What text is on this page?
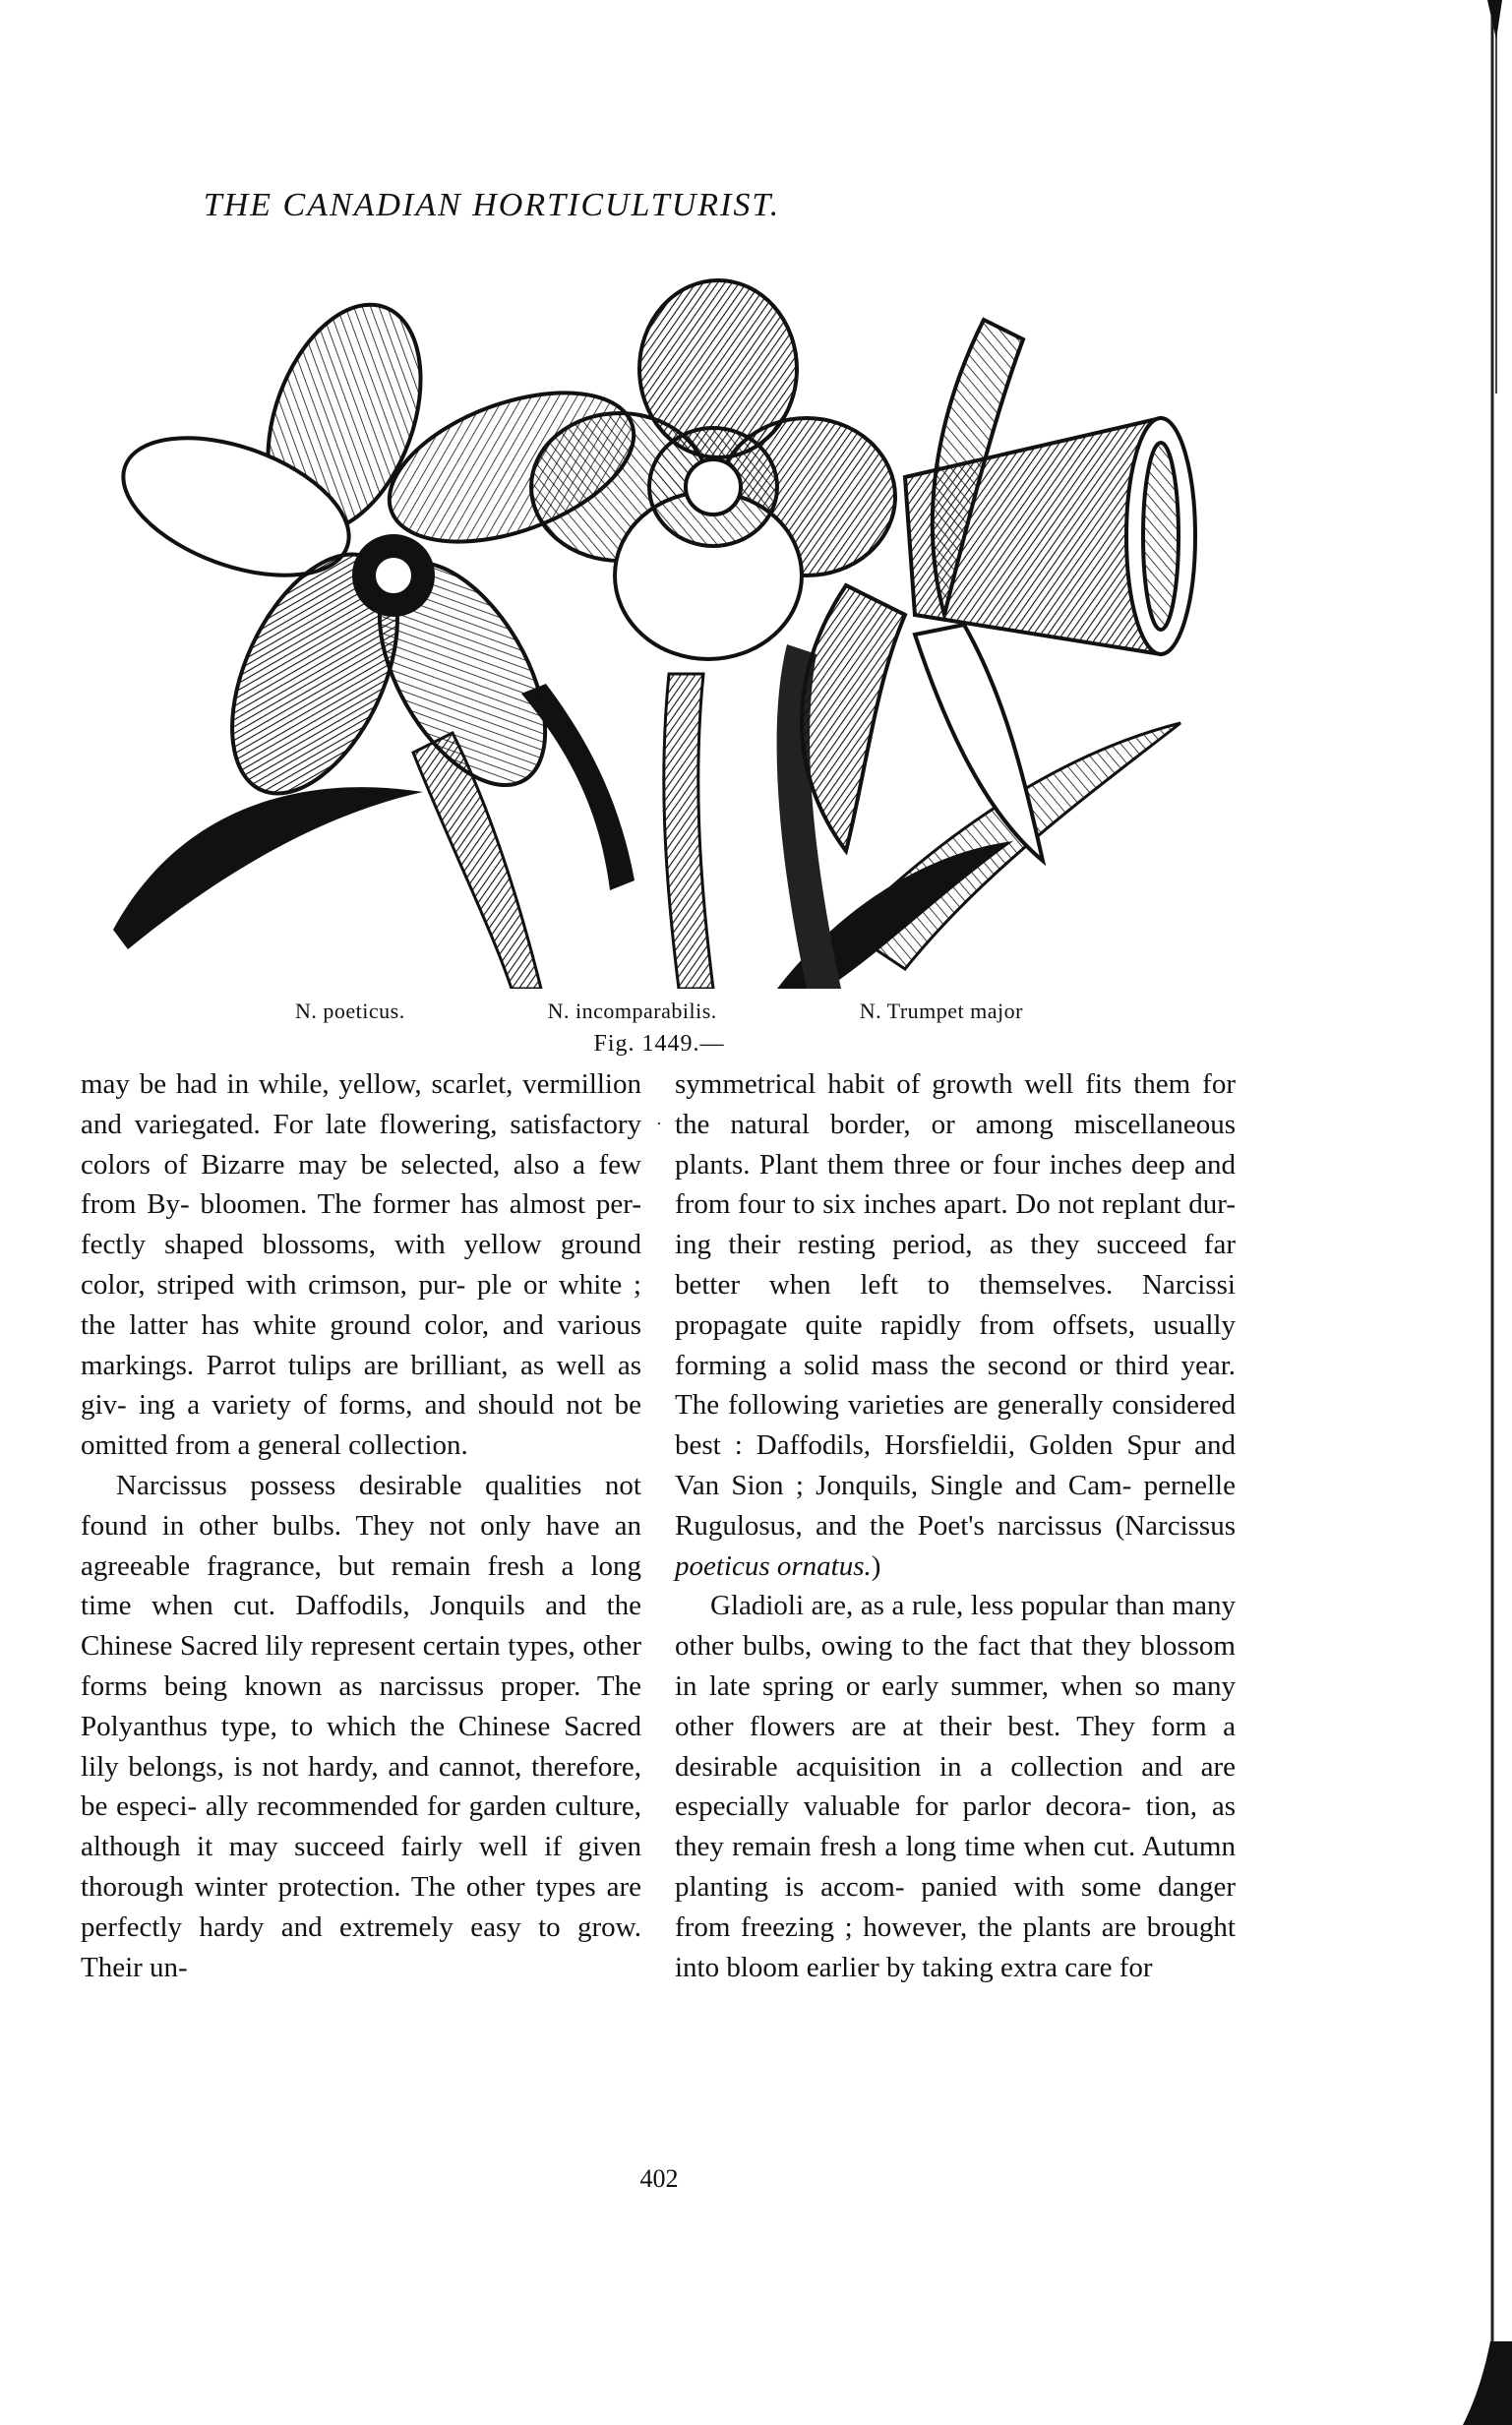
THE CANADIAN HORTICULTURIST.
N. poeticus.	N. incomparabilis.	N. Trumpet major
Fig. 1449.—
·

may be had in while, yellow, scarlet, vermillion and variegated. For late flowering, satisfactory colors of Bizarre may be selected, also a few from By- bloomen. The former has almost per- fectly shaped blossoms, with yellow ground color, striped with crimson, pur- ple or white ; the latter has white ground color, and various markings. Parrot tulips are brilliant, as well as giv- ing a variety of forms, and should not be omitted from a general collection.

Narcissus possess desirable qualities not found in other bulbs. They not only have an agreeable fragrance, but remain fresh a long time when cut. Daffodils, Jonquils and the Chinese Sacred lily represent certain types, other forms being known as narcissus proper. The Polyanthus type, to which the Chinese Sacred lily belongs, is not hardy, and cannot, therefore, be especi- ally recommended for garden culture, although it may succeed fairly well if given thorough winter protection. The other types are perfectly hardy and extremely easy to grow. Their un-

symmetrical habit of growth well fits them for the natural border, or among miscellaneous plants. Plant them three or four inches deep and from four to six inches apart. Do not replant dur- ing their resting period, as they succeed far better when left to themselves. Narcissi propagate quite rapidly from offsets, usually forming a solid mass the second or third year. The following varieties are generally considered best : Daffodils, Horsfieldii, Golden Spur and Van Sion ; Jonquils, Single and Cam- pernelle Rugulosus, and the Poet's narcissus (Narcissus poeticus ornatus.)

Gladioli are, as a rule, less popular than many other bulbs, owing to the fact that they blossom in late spring or early summer, when so many other flowers are at their best. They form a desirable acquisition in a collection and are especially valuable for parlor decora- tion, as they remain fresh a long time when cut. Autumn planting is accom- panied with some danger from freezing ; however, the plants are brought into bloom earlier by taking extra care for

402
